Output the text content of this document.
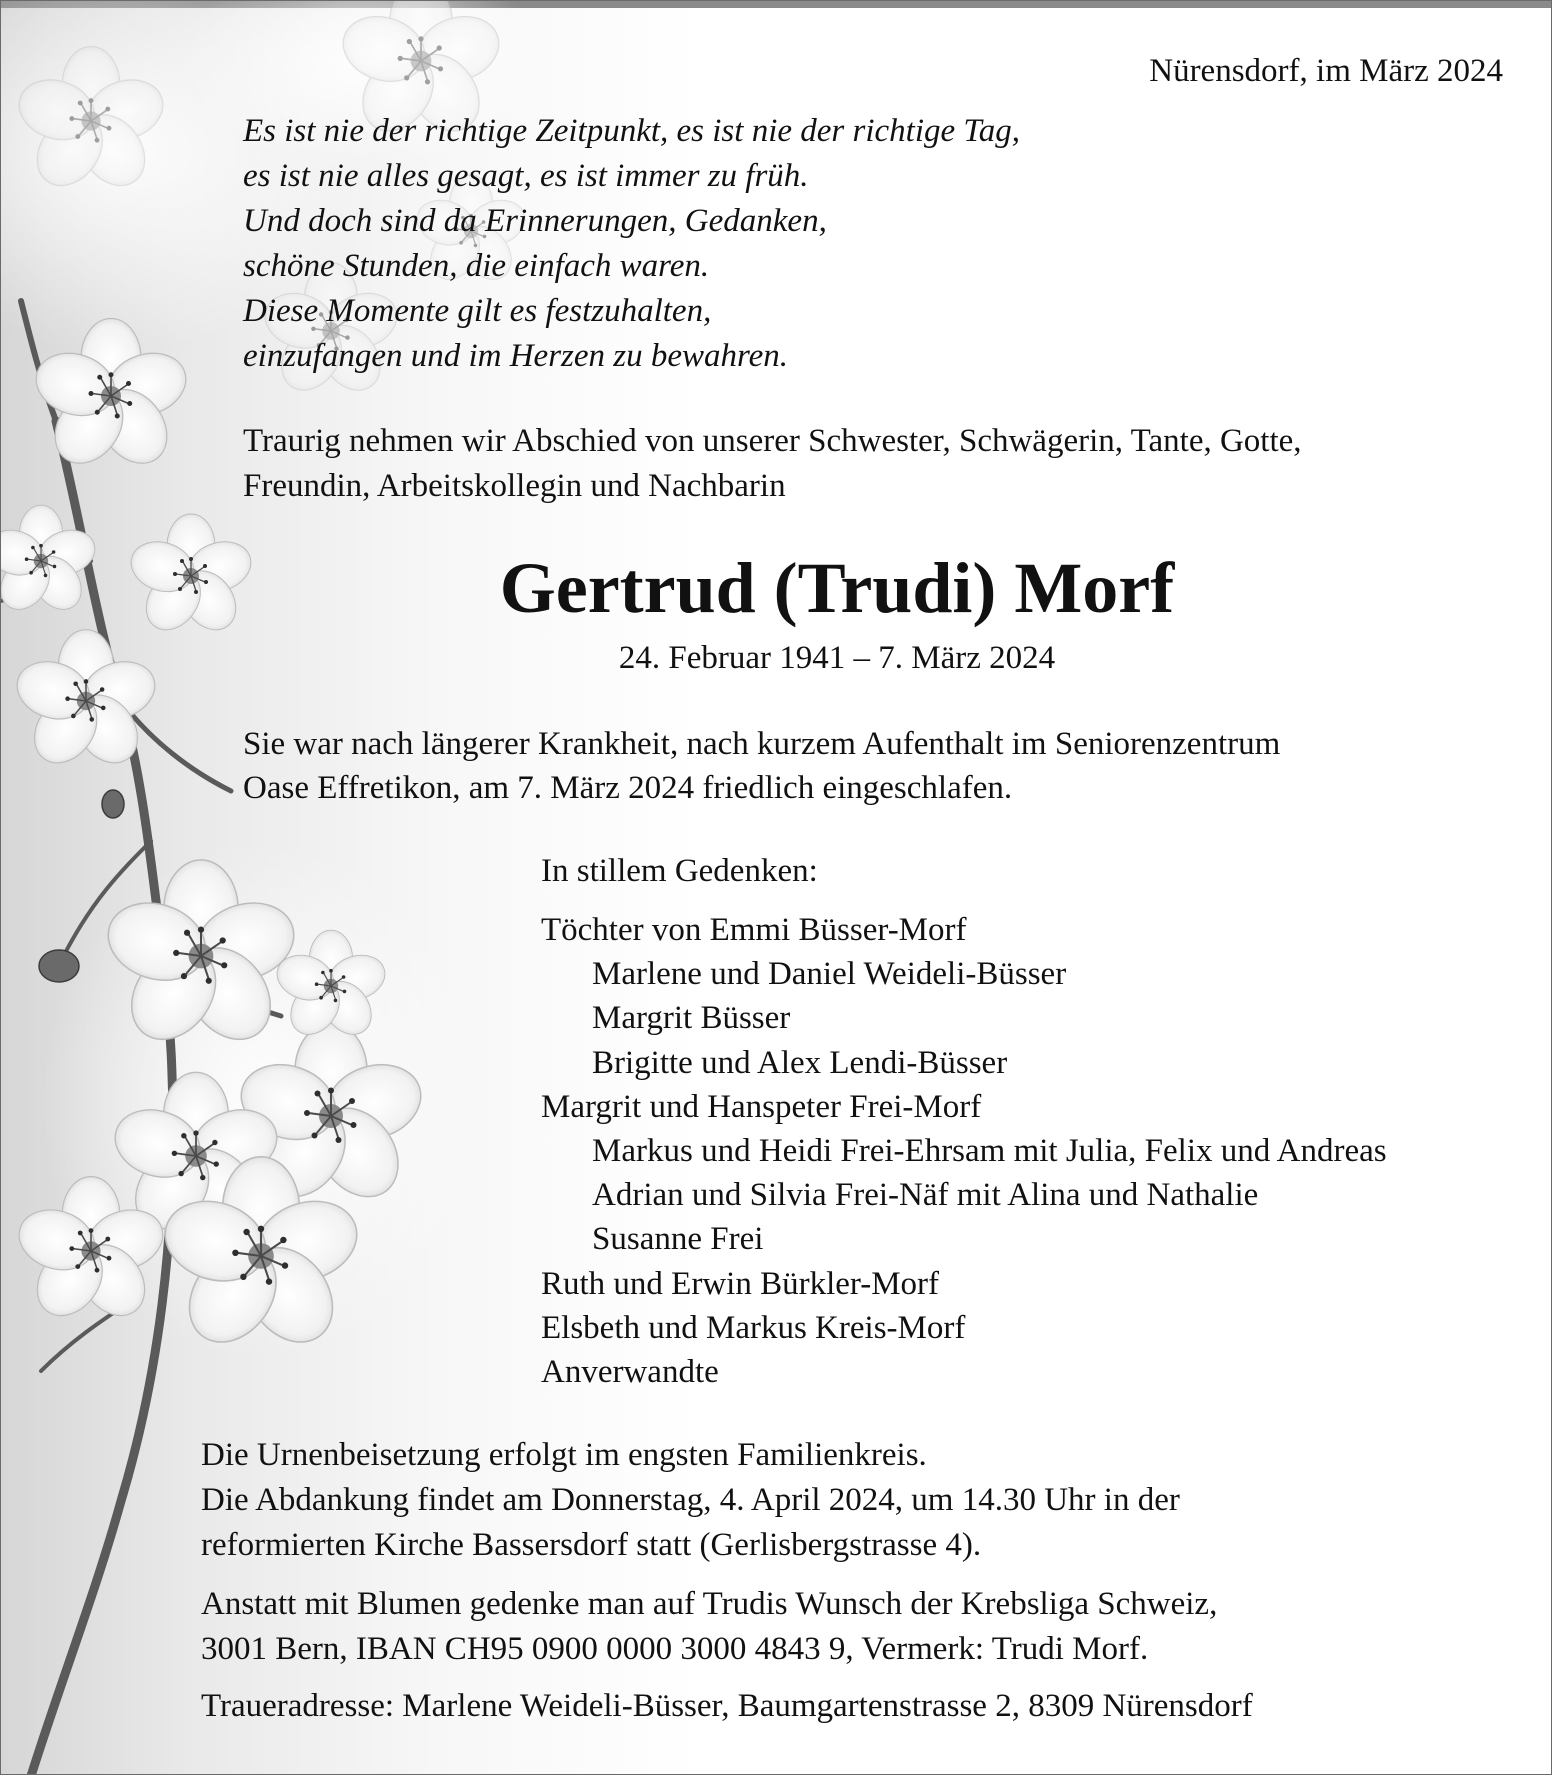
Nürensdorf, im März 2024
Es ist nie der richtige Zeitpunkt, es ist nie der richtige Tag,
es ist nie alles gesagt, es ist immer zu früh.
Und doch sind da Erinnerungen, Gedanken,
schöne Stunden, die einfach waren.
Diese Momente gilt es festzuhalten,
einzufangen und im Herzen zu bewahren.
Traurig nehmen wir Abschied von unserer Schwester, Schwägerin, Tante, Gotte,
Freundin, Arbeitskollegin und Nachbarin
Gertrud (Trudi) Morf
24. Februar 1941 – 7. März 2024
Sie war nach längerer Krankheit, nach kurzem Aufenthalt im Seniorenzentrum
Oase Effretikon, am 7. März 2024 friedlich eingeschlafen.
In stillem Gedenken:
Töchter von Emmi Büsser-Morf
Marlene und Daniel Weideli-Büsser
Margrit Büsser
Brigitte und Alex Lendi-Büsser
Margrit und Hanspeter Frei-Morf
Markus und Heidi Frei-Ehrsam mit Julia, Felix und Andreas
Adrian und Silvia Frei-Näf mit Alina und Nathalie
Susanne Frei
Ruth und Erwin Bürkler-Morf
Elsbeth und Markus Kreis-Morf
Anverwandte
Die Urnenbeisetzung erfolgt im engsten Familienkreis.
Die Abdankung findet am Donnerstag, 4. April 2024, um 14.30 Uhr in der
reformierten Kirche Bassersdorf statt (Gerlisbergstrasse 4).
Anstatt mit Blumen gedenke man auf Trudis Wunsch der Krebsliga Schweiz,
3001 Bern, IBAN CH95 0900 0000 3000 4843 9, Vermerk: Trudi Morf.
Traueradresse: Marlene Weideli-Büsser, Baumgartenstrasse 2, 8309 Nürensdorf
